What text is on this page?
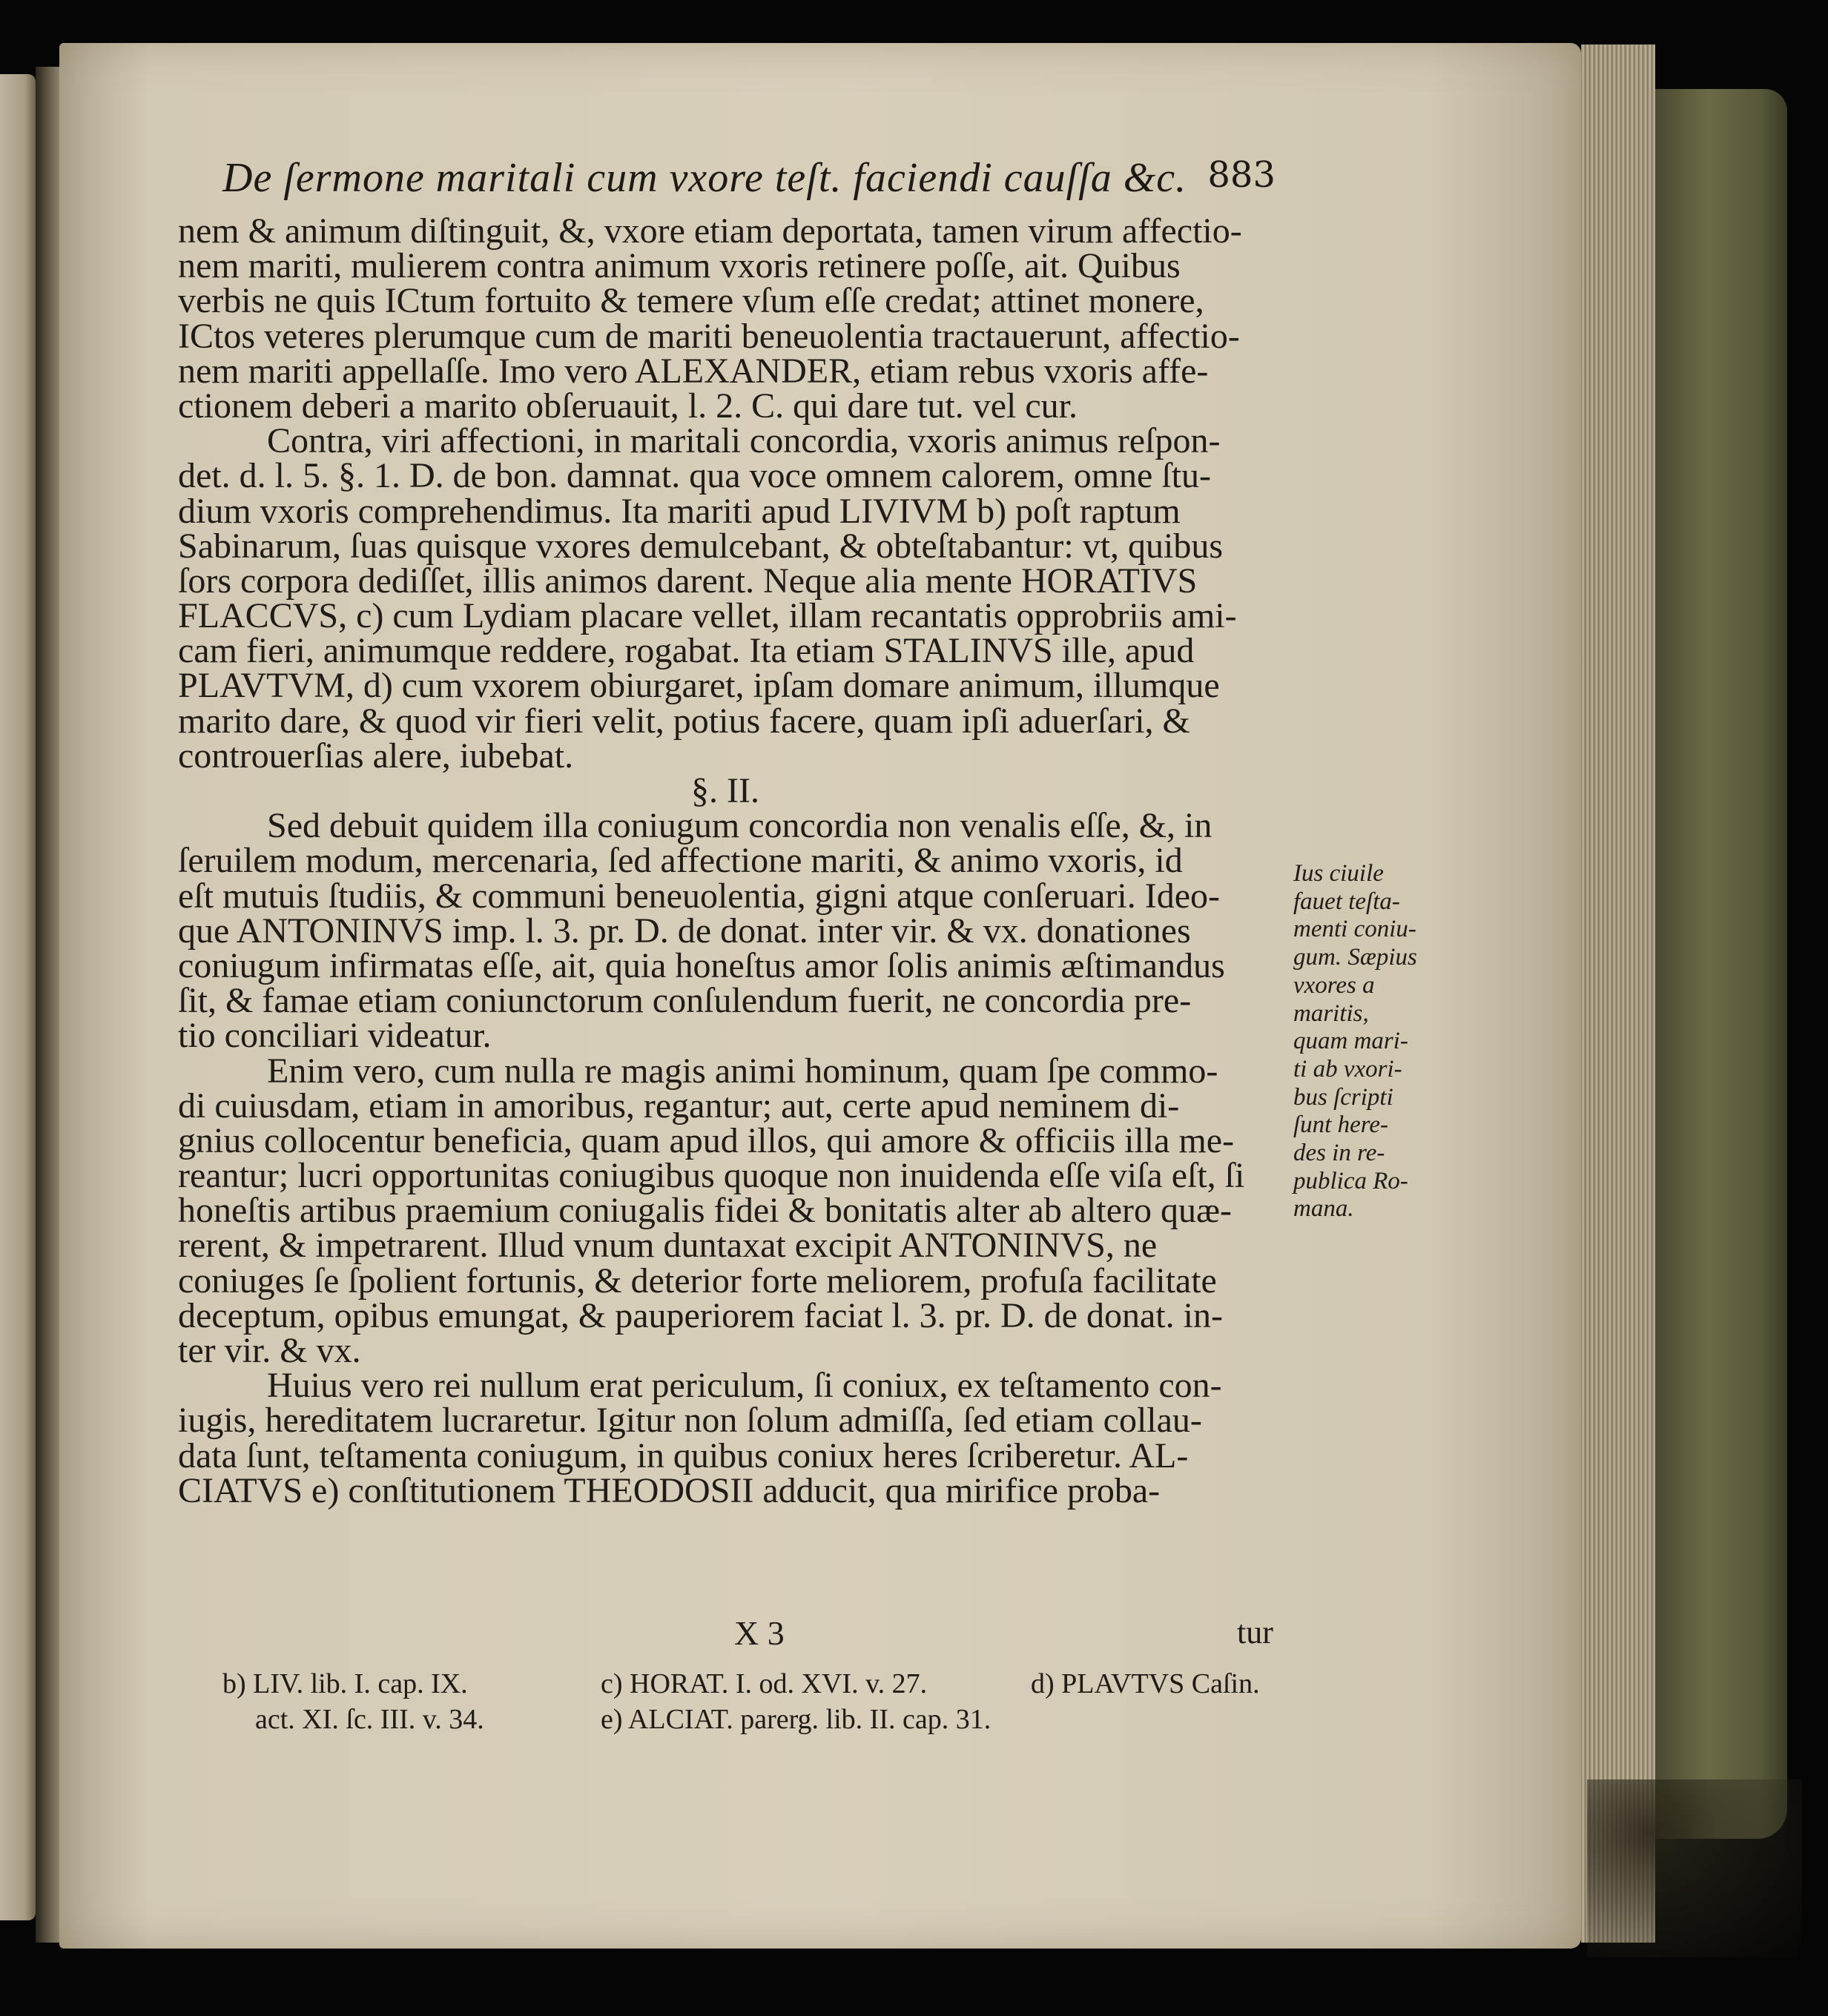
De ſermone maritali cum vxore teſt. faciendi cauſſa &c. 883
nem & animum diſtinguit, &, vxore etiam deportata, tamen virum affectio-
nem mariti, mulierem contra animum vxoris retinere poſſe, ait. Quibus
verbis ne quis ICtum fortuito & temere vſum eſſe credat; attinet monere,
ICtos veteres plerumque cum de mariti beneuolentia tractauerunt, affectio-
nem mariti appellaſſe. Imo vero ALEXANDER, etiam rebus vxoris affe-
ctionem deberi a marito obſeruauit, l. 2. C. qui dare tut. vel cur.
Contra, viri affectioni, in maritali concordia, vxoris animus reſpon-
det. d. l. 5. §. 1. D. de bon. damnat. qua voce omnem calorem, omne ſtu-
dium vxoris comprehendimus. Ita mariti apud LIVIVM b) poſt raptum
Sabinarum, ſuas quisque vxores demulcebant, & obteſtabantur: vt, quibus
ſors corpora dediſſet, illis animos darent. Neque alia mente HORATIVS
FLACCVS, c) cum Lydiam placare vellet, illam recantatis opprobriis ami-
cam fieri, animumque reddere, rogabat. Ita etiam STALINVS ille, apud
PLAVTVM, d) cum vxorem obiurgaret, ipſam domare animum, illumque
marito dare, & quod vir fieri velit, potius facere, quam ipſi aduerſari, &
controuerſias alere, iubebat.
§. II.
Sed debuit quidem illa coniugum concordia non venalis eſſe, &, in
ſeruilem modum, mercenaria, ſed affectione mariti, & animo vxoris, id
eſt mutuis ſtudiis, & communi beneuolentia, gigni atque conſeruari. Ideo-
que ANTONINVS imp. l. 3. pr. D. de donat. inter vir. & vx. donationes
coniugum infirmatas eſſe, ait, quia honeſtus amor ſolis animis æſtimandus
ſit, & famae etiam coniunctorum conſulendum fuerit, ne concordia pre-
tio conciliari videatur.
Enim vero, cum nulla re magis animi hominum, quam ſpe commo-
di cuiusdam, etiam in amoribus, regantur; aut, certe apud neminem di-
gnius collocentur beneficia, quam apud illos, qui amore & officiis illa me-
reantur; lucri opportunitas coniugibus quoque non inuidenda eſſe viſa eſt, ſi
honeſtis artibus praemium coniugalis fidei & bonitatis alter ab altero quæ-
rerent, & impetrarent. Illud vnum duntaxat excipit ANTONINVS, ne
coniuges ſe ſpolient fortunis, & deterior forte meliorem, profuſa facilitate
deceptum, opibus emungat, & pauperiorem faciat l. 3. pr. D. de donat. in-
ter vir. & vx.
Huius vero rei nullum erat periculum, ſi coniux, ex teſtamento con-
iugis, hereditatem lucraretur. Igitur non ſolum admiſſa, ſed etiam collau-
data ſunt, teſtamenta coniugum, in quibus coniux heres ſcriberetur. AL-
CIATVS e) conſtitutionem THEODOSII adducit, qua mirifice proba-
Ius ciuile
fauet teſta-
menti coniu-
gum. Sæpius
vxores a
maritis,
quam mari-
ti ab vxori-
bus ſcripti
ſunt here-
des in re-
publica Ro-
mana.
X 3	tur
b) LIV. lib. I. cap. IX.	c) HORAT. I. od. XVI. v. 27.	d) PLAVTVS Caſin.
act. XI. ſc. III. v. 34.	e) ALCIAT. parerg. lib. II. cap. 31.
